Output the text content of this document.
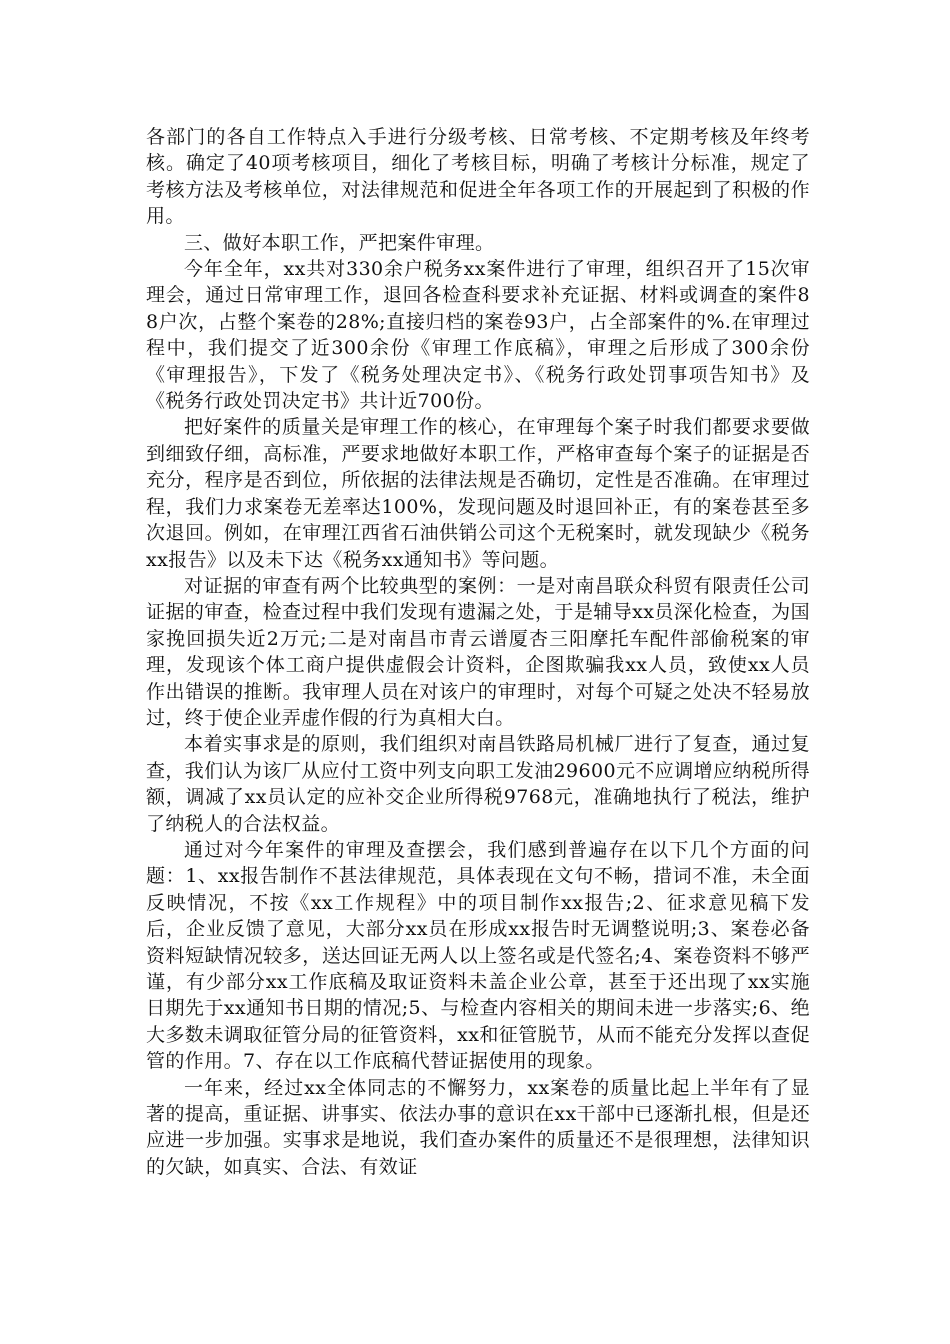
各部门的各自工作特点入手进行分级考核、日常考核、不定期考核及年终考核。确定了40项考核项目，细化了考核目标，明确了考核计分标准，规定了考核方法及考核单位，对法律规范和促进全年各项工作的开展起到了积极的作用。

三、做好本职工作，严把案件审理。

今年全年，xx共对330余户税务xx案件进行了审理，组织召开了15次审理会，通过日常审理工作，退回各检查科要求补充证据、材料或调查的案件88户次，占整个案卷的28%;直接归档的案卷93户，占全部案件的%.在审理过程中，我们提交了近300余份《审理工作底稿》，审理之后形成了300余份《审理报告》，下发了《税务处理决定书》、《税务行政处罚事项告知书》及《税务行政处罚决定书》共计近700份。

把好案件的质量关是审理工作的核心，在审理每个案子时我们都要求要做到细致仔细，高标准，严要求地做好本职工作，严格审查每个案子的证据是否充分，程序是否到位，所依据的法律法规是否确切，定性是否准确。在审理过程，我们力求案卷无差率达100%，发现问题及时退回补正，有的案卷甚至多次退回。例如，在审理江西省石油供销公司这个无税案时，就发现缺少《税务xx报告》以及未下达《税务xx通知书》等问题。

对证据的审查有两个比较典型的案例：一是对南昌联众科贸有限责任公司证据的审查，检查过程中我们发现有遗漏之处，于是辅导xx员深化检查，为国家挽回损失近2万元;二是对南昌市青云谱厦杏三阳摩托车配件部偷税案的审理，发现该个体工商户提供虚假会计资料，企图欺骗我xx人员，致使xx人员作出错误的推断。我审理人员在对该户的审理时，对每个可疑之处决不轻易放过，终于使企业弄虚作假的行为真相大白。

本着实事求是的原则，我们组织对南昌铁路局机械厂进行了复查，通过复查，我们认为该厂从应付工资中列支向职工发油29600元不应调增应纳税所得额，调减了xx员认定的应补交企业所得税9768元，准确地执行了税法，维护了纳税人的合法权益。

通过对今年案件的审理及查摆会，我们感到普遍存在以下几个方面的问题：1、xx报告制作不甚法律规范，具体表现在文句不畅，措词不准，未全面反映情况，不按《xx工作规程》中的项目制作xx报告;2、征求意见稿下发后，企业反馈了意见，大部分xx员在形成xx报告时无调整说明;3、案卷必备资料短缺情况较多，送达回证无两人以上签名或是代签名;4、案卷资料不够严谨，有少部分xx工作底稿及取证资料未盖企业公章，甚至于还出现了xx实施日期先于xx通知书日期的情况;5、与检查内容相关的期间未进一步落实;6、绝大多数未调取征管分局的征管资料，xx和征管脱节，从而不能充分发挥以查促管的作用。7、存在以工作底稿代替证据使用的现象。

一年来，经过xx全体同志的不懈努力，xx案卷的质量比起上半年有了显著的提高，重证据、讲事实、依法办事的意识在xx干部中已逐渐扎根，但是还应进一步加强。实事求是地说，我们查办案件的质量还不是很理想，法律知识的欠缺，如真实、合法、有效证
